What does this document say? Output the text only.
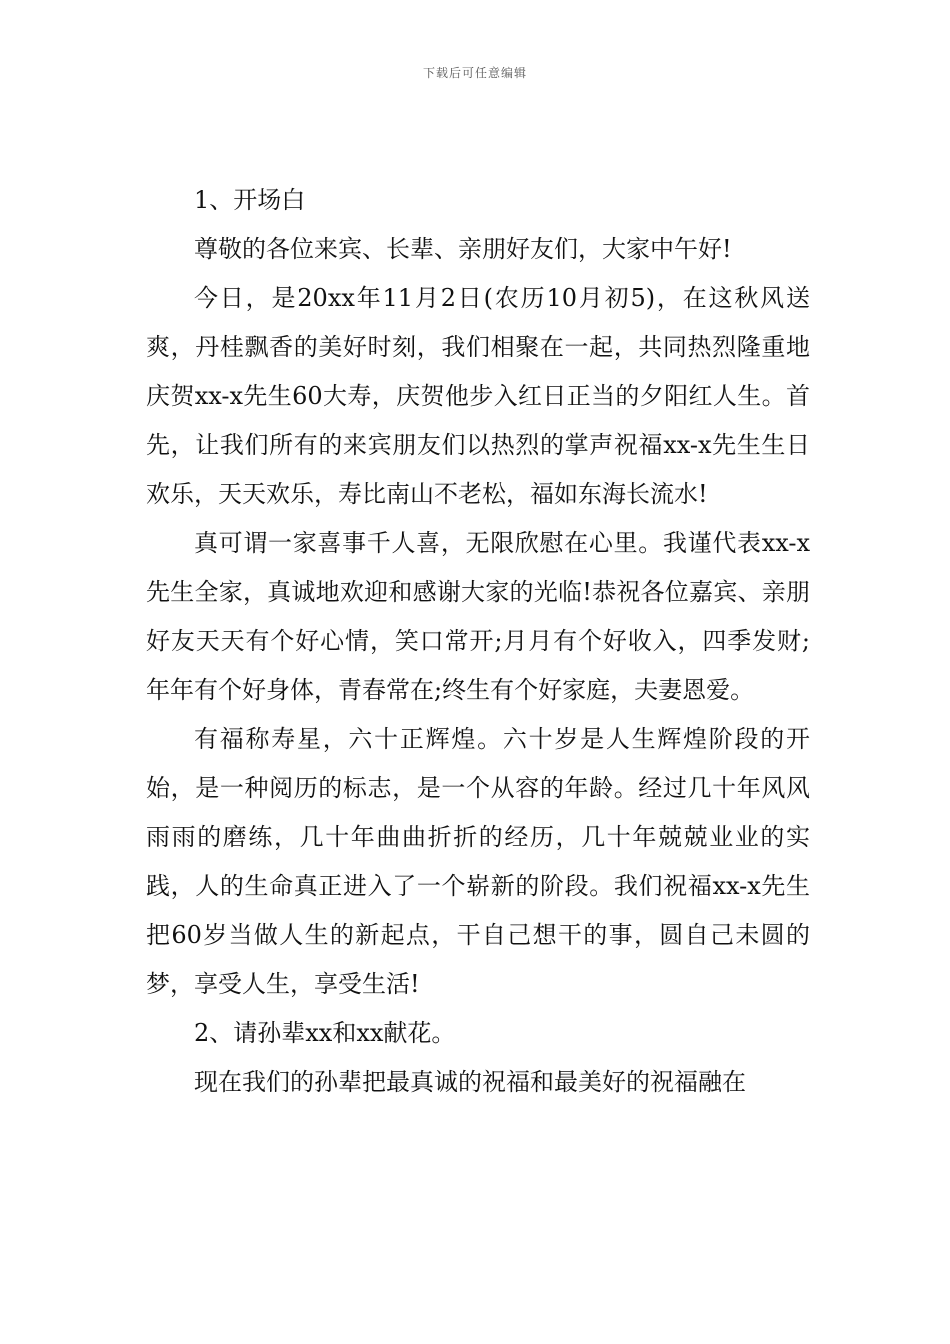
下载后可任意编辑

1、开场白

尊敬的各位来宾、长辈、亲朋好友们，大家中午好!

今日，是20xx年11月2日(农历10月初5)，在这秋风送爽，丹桂飘香的美好时刻，我们相聚在一起，共同热烈隆重地庆贺xx-x先生60大寿，庆贺他步入红日正当的夕阳红人生。首先，让我们所有的来宾朋友们以热烈的掌声祝福xx-x先生生日欢乐，天天欢乐，寿比南山不老松，福如东海长流水!

真可谓一家喜事千人喜，无限欣慰在心里。我谨代表xx-x先生全家，真诚地欢迎和感谢大家的光临!恭祝各位嘉宾、亲朋好友天天有个好心情，笑口常开;月月有个好收入，四季发财;年年有个好身体，青春常在;终生有个好家庭，夫妻恩爱。

有福称寿星，六十正辉煌。六十岁是人生辉煌阶段的开始，是一种阅历的标志，是一个从容的年龄。经过几十年风风雨雨的磨练，几十年曲曲折折的经历，几十年兢兢业业的实践，人的生命真正进入了一个崭新的阶段。我们祝福xx-x先生把60岁当做人生的新起点，干自己想干的事，圆自己未圆的梦，享受人生，享受生活!

2、请孙辈xx和xx献花。

现在我们的孙辈把最真诚的祝福和最美好的祝福融在
